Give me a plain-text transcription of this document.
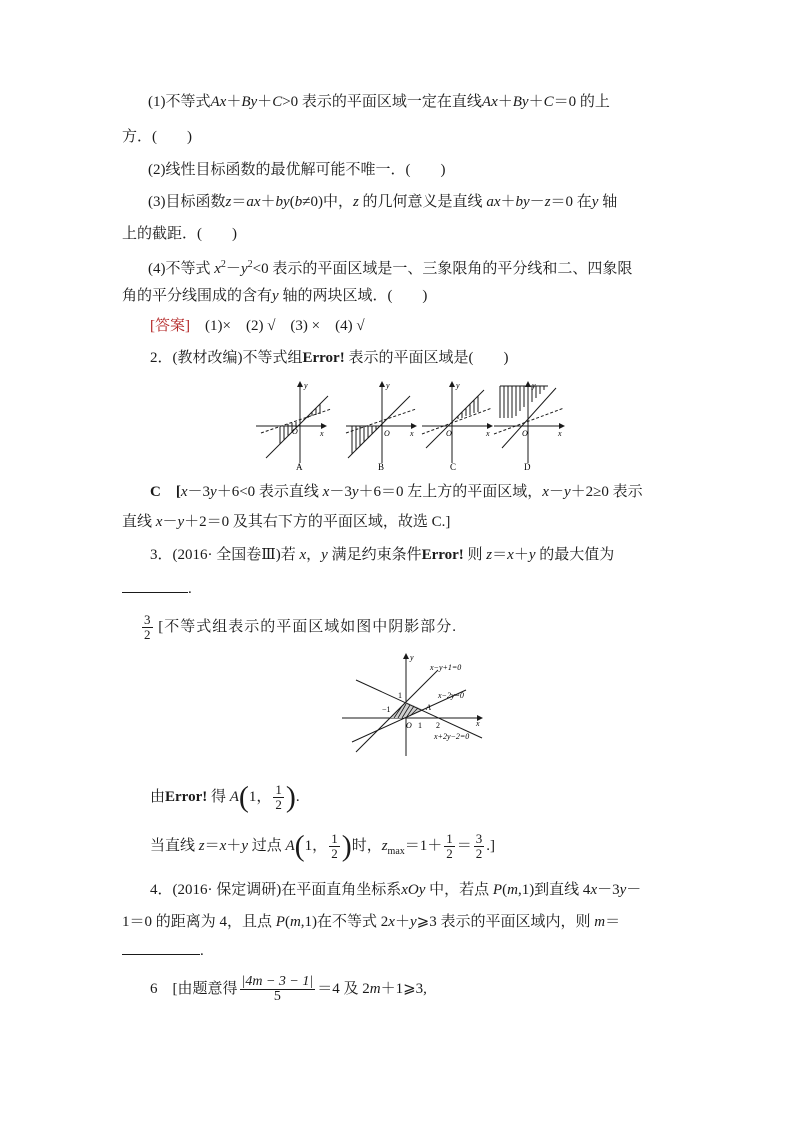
(1)不等式Ax＋By＋C>0 表示的平面区域一定在直线Ax＋By＋C＝0 的上
方．(　　)
(2)线性目标函数的最优解可能不唯一．(　　)
(3)目标函数z＝ax＋by(b≠0)中，z 的几何意义是直线 ax＋by－z＝0 在y 轴
上的截距．(　　)
(4)不等式 $x^2-y^2<0$ 表示的平面区域是一、三象限角的平分线和二、四象限
角的平分线围成的含有y 轴的两块区域．(　　)
[答案]　(1)×　(2) √　(3) ×　(4) √
2．(教材改编)不等式组Error! 表示的平面区域是(　　)
y
x
O
A
y
x
O
B
y
x
O
C
y
x
O
D
C　[x－3y＋6<0 表示直线 x－3y＋6＝0 左上方的平面区域，x－y＋2≥0 表示
直线 x－y＋2＝0 及其右下方的平面区域，故选 C.]
3．(2016· 全国卷Ⅲ)若 x，y 满足约束条件Error! 则 z＝x＋y 的最大值为
.
$\frac{3}{2}$ [不等式组表示的平面区域如图中阴影部分.
y
x
O
x−y+1=0
x−2y=0
x+2y−2=0
A
1
−1
1 2
由Error! 得 A(1， $\frac{1}{2}$ ).
当直线 z＝x＋y 过点 A(1， $\frac{1}{2}$ )时，$z_{max}=1+ \frac{1}{2} = \frac{3}{2}$ .]
4．(2016· 保定调研)在平面直角坐标系xOy 中，若点 P(m,1)到直线 4x－3y－
1＝0 的距离为 4，且点 P(m,1)在不等式 2x＋y⩾3 表示的平面区域内，则 m＝
.
6　[由题意得 $\frac{|4m - 3 - 1|}{5} =4$ 及 2m＋1⩾3,
